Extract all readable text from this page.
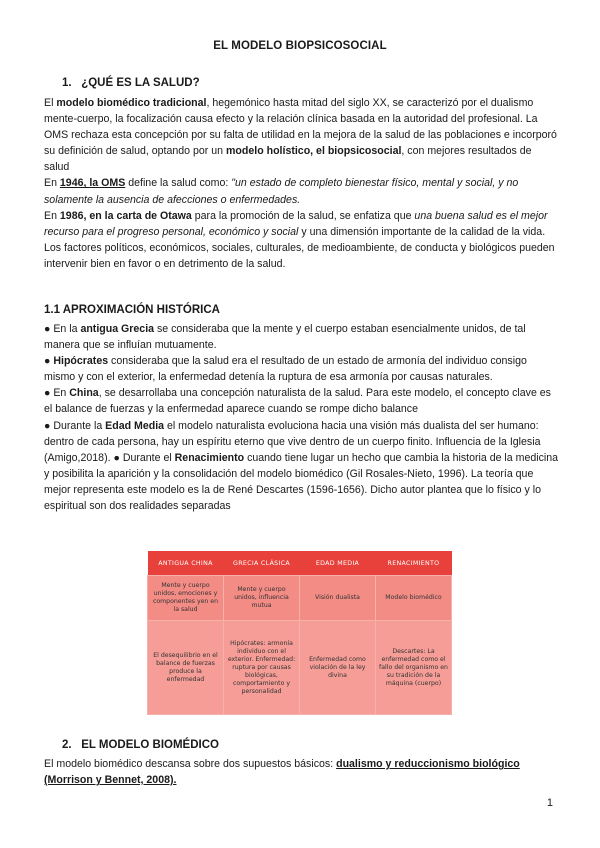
EL MODELO BIOPSICOSOCIAL
1. ¿QUÉ ES LA SALUD?

El modelo biomédico tradicional, hegemónico hasta mitad del siglo XX, se caracterizó por el dualismo mente-cuerpo, la focalización causa efecto y la relación clínica basada en la autoridad del profesional. La OMS rechaza esta concepción por su falta de utilidad en la mejora de la salud de las poblaciones e incorporó su definición de salud, optando por un modelo holístico, el biopsicosocial, con mejores resultados de salud

En 1946, la OMS define la salud como: "un estado de completo bienestar físico, mental y social, y no solamente la ausencia de afecciones o enfermedades.

En 1986, en la carta de Otawa para la promoción de la salud, se enfatiza que una buena salud es el mejor recurso para el progreso personal, económico y social y una dimensión importante de la calidad de la vida. Los factores políticos, económicos, sociales, culturales, de medioambiente, de conducta y biológicos pueden intervenir bien en favor o en detrimento de la salud.

1.1 APROXIMACIÓN HISTÓRICA

● En la antigua Grecia se consideraba que la mente y el cuerpo estaban esencialmente unidos, de tal manera que se influían mutuamente.

● Hipócrates consideraba que la salud era el resultado de un estado de armonía del individuo consigo mismo y con el exterior, la enfermedad detenía la ruptura de esa armonía por causas naturales.

● En China, se desarrollaba una concepción naturalista de la salud. Para este modelo, el concepto clave es el balance de fuerzas y la enfermedad aparece cuando se rompe dicho balance

● Durante la Edad Media el modelo naturalista evoluciona hacia una visión más dualista del ser humano: dentro de cada persona, hay un espíritu eterno que vive dentro de un cuerpo finito. Influencia de la Iglesia (Amigo,2018). ● Durante el Renacimiento cuando tiene lugar un hecho que cambia la historia de la medicina y posibilita la aparición y la consolidación del modelo biomédico (Gil Rosales-Nieto, 1996). La teoría que mejor representa este modelo es la de René Descartes (1596-1656). Dicho autor plantea que lo físico y lo espiritual son dos realidades separadas

ANTIGUA CHINA	GRECIA CLÁSICA	EDAD MEDIA	RENACIMIENTO
Mente y cuerpo unidos, emociones y componentes yen en la salud	Mente y cuerpo unidos, influencia mutua	Visión dualista	Modelo biomédico
El desequilibrio en el balance de fuerzas produce la enfermedad	Hipócrates: armonía individuo con el exterior. Enfermedad: ruptura por causas biológicas, comportamiento y personalidad	Enfermedad como violación de la ley divina	Descartes: La enfermedad como el fallo del organismo en su tradición de la máquina (cuerpo)
2. EL MODELO BIOMÉDICO

El modelo biomédico descansa sobre dos supuestos básicos: dualismo y reduccionismo biológico (Morrison y Bennet, 2008).

1
